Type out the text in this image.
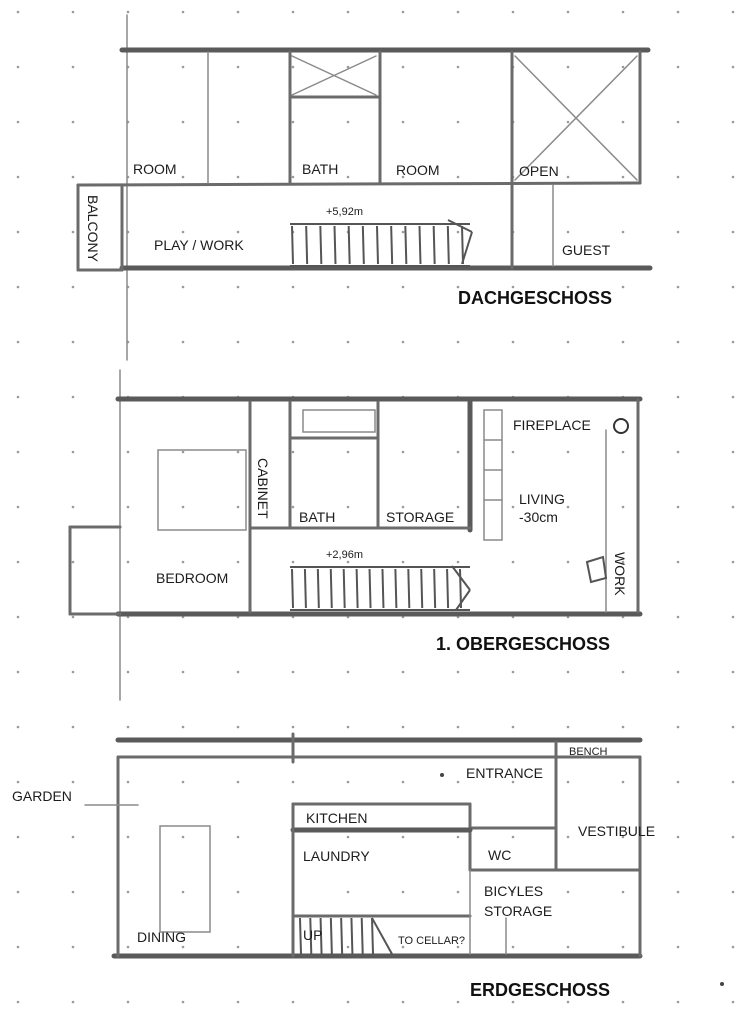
ROOM	BATH	ROOM	OPEN
BALCONY	PLAY / WORK
+5,92m
GUEST
DACHGESCHOSS
FIREPLACE
CABINET	LIVING
-30cm
BATH	STORAGE
+2,96m
BEDROOM	WORK
1. OBERGESCHOSS
BENCH
ENTRANCE
GARDEN
KITCHEN
VESTIBULE
LAUNDRY	WC
BICYLES
STORAGE
DINING	UP	TO CELLAR?
ERDGESCHOSS
